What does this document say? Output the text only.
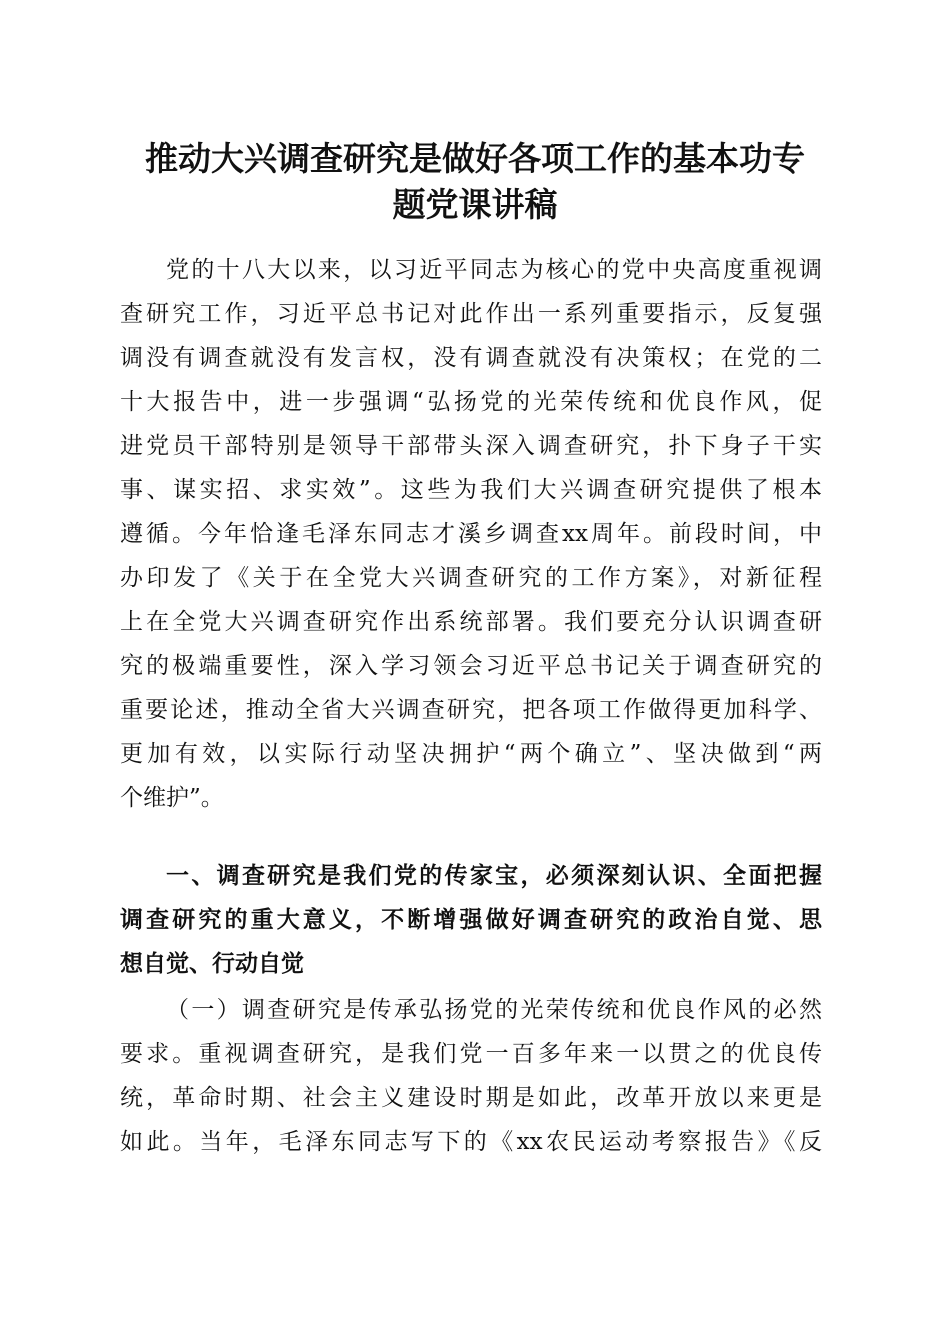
推动大兴调查研究是做好各项工作的基本功专
题党课讲稿
党的十八大以来，以习近平同志为核心的党中央高度重视调
查研究工作，习近平总书记对此作出一系列重要指示，反复强
调没有调查就没有发言权，没有调查就没有决策权；在党的二
十大报告中，进一步强调“弘扬党的光荣传统和优良作风，促
进党员干部特别是领导干部带头深入调查研究，扑下身子干实
事、谋实招、求实效”。这些为我们大兴调查研究提供了根本
遵循。今年恰逢毛泽东同志才溪乡调查xx周年。前段时间，中
办印发了《关于在全党大兴调查研究的工作方案》，对新征程
上在全党大兴调查研究作出系统部署。我们要充分认识调查研
究的极端重要性，深入学习领会习近平总书记关于调查研究的
重要论述，推动全省大兴调查研究，把各项工作做得更加科学、
更加有效，以实际行动坚决拥护“两个确立”、坚决做到“两
个维护”。
一、调查研究是我们党的传家宝，必须深刻认识、全面把握
调查研究的重大意义，不断增强做好调查研究的政治自觉、思
想自觉、行动自觉
（一）调查研究是传承弘扬党的光荣传统和优良作风的必然
要求。重视调查研究，是我们党一百多年来一以贯之的优良传
统，革命时期、社会主义建设时期是如此，改革开放以来更是
如此。当年，毛泽东同志写下的《xx农民运动考察报告》《反
